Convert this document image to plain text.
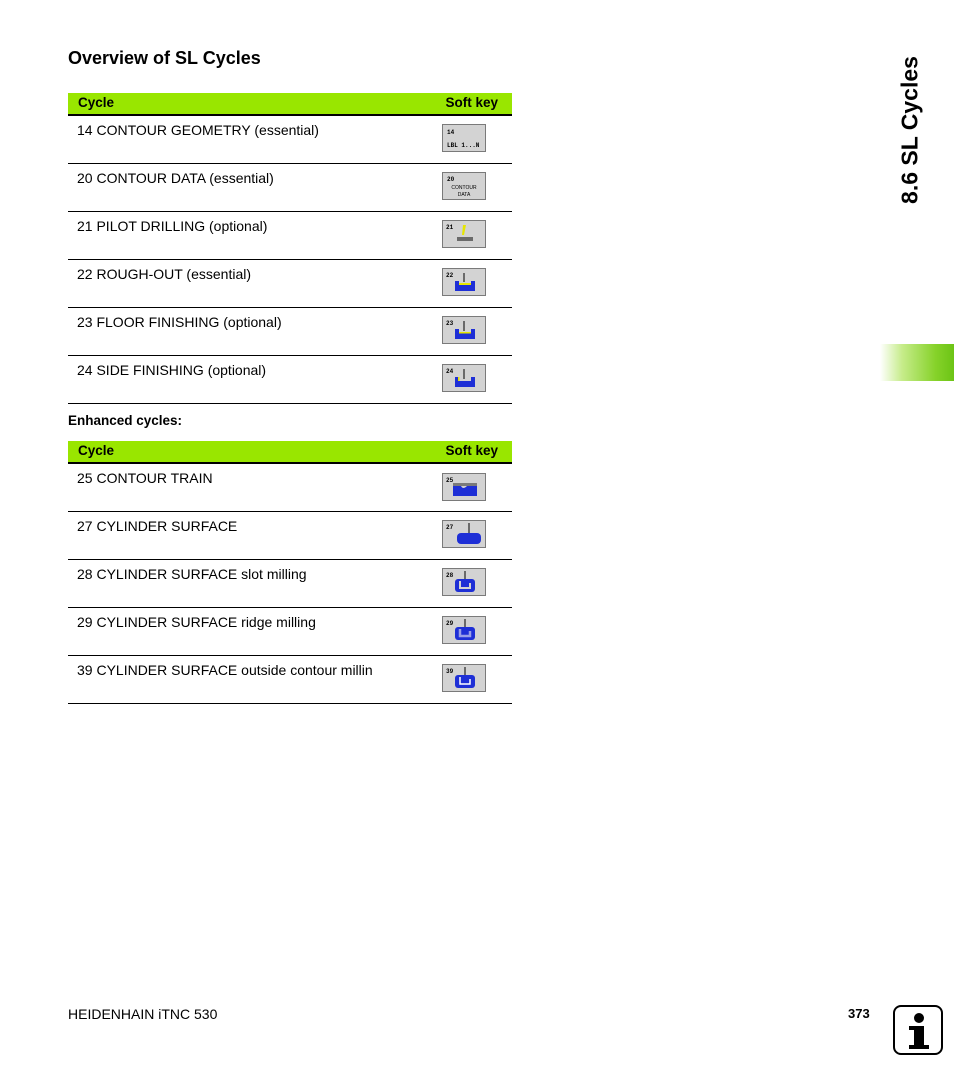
Overview of SL Cycles
Cycle	Soft key
14 CONTOUR GEOMETRY (essential)	14
LBL 1...N
20 CONTOUR DATA (essential)	20
CONTOUR
DATA
21 PILOT DRILLING (optional)	21
22 ROUGH-OUT (essential)	22
23 FLOOR FINISHING (optional)	23
24 SIDE FINISHING (optional)	24
Enhanced cycles:
Cycle	Soft key
25 CONTOUR TRAIN	25
27 CYLINDER SURFACE	27
28 CYLINDER SURFACE slot milling	28
29 CYLINDER SURFACE ridge milling	29
39 CYLINDER SURFACE outside contour millin	39
8.6 SL Cycles
HEIDENHAIN iTNC 530	373
